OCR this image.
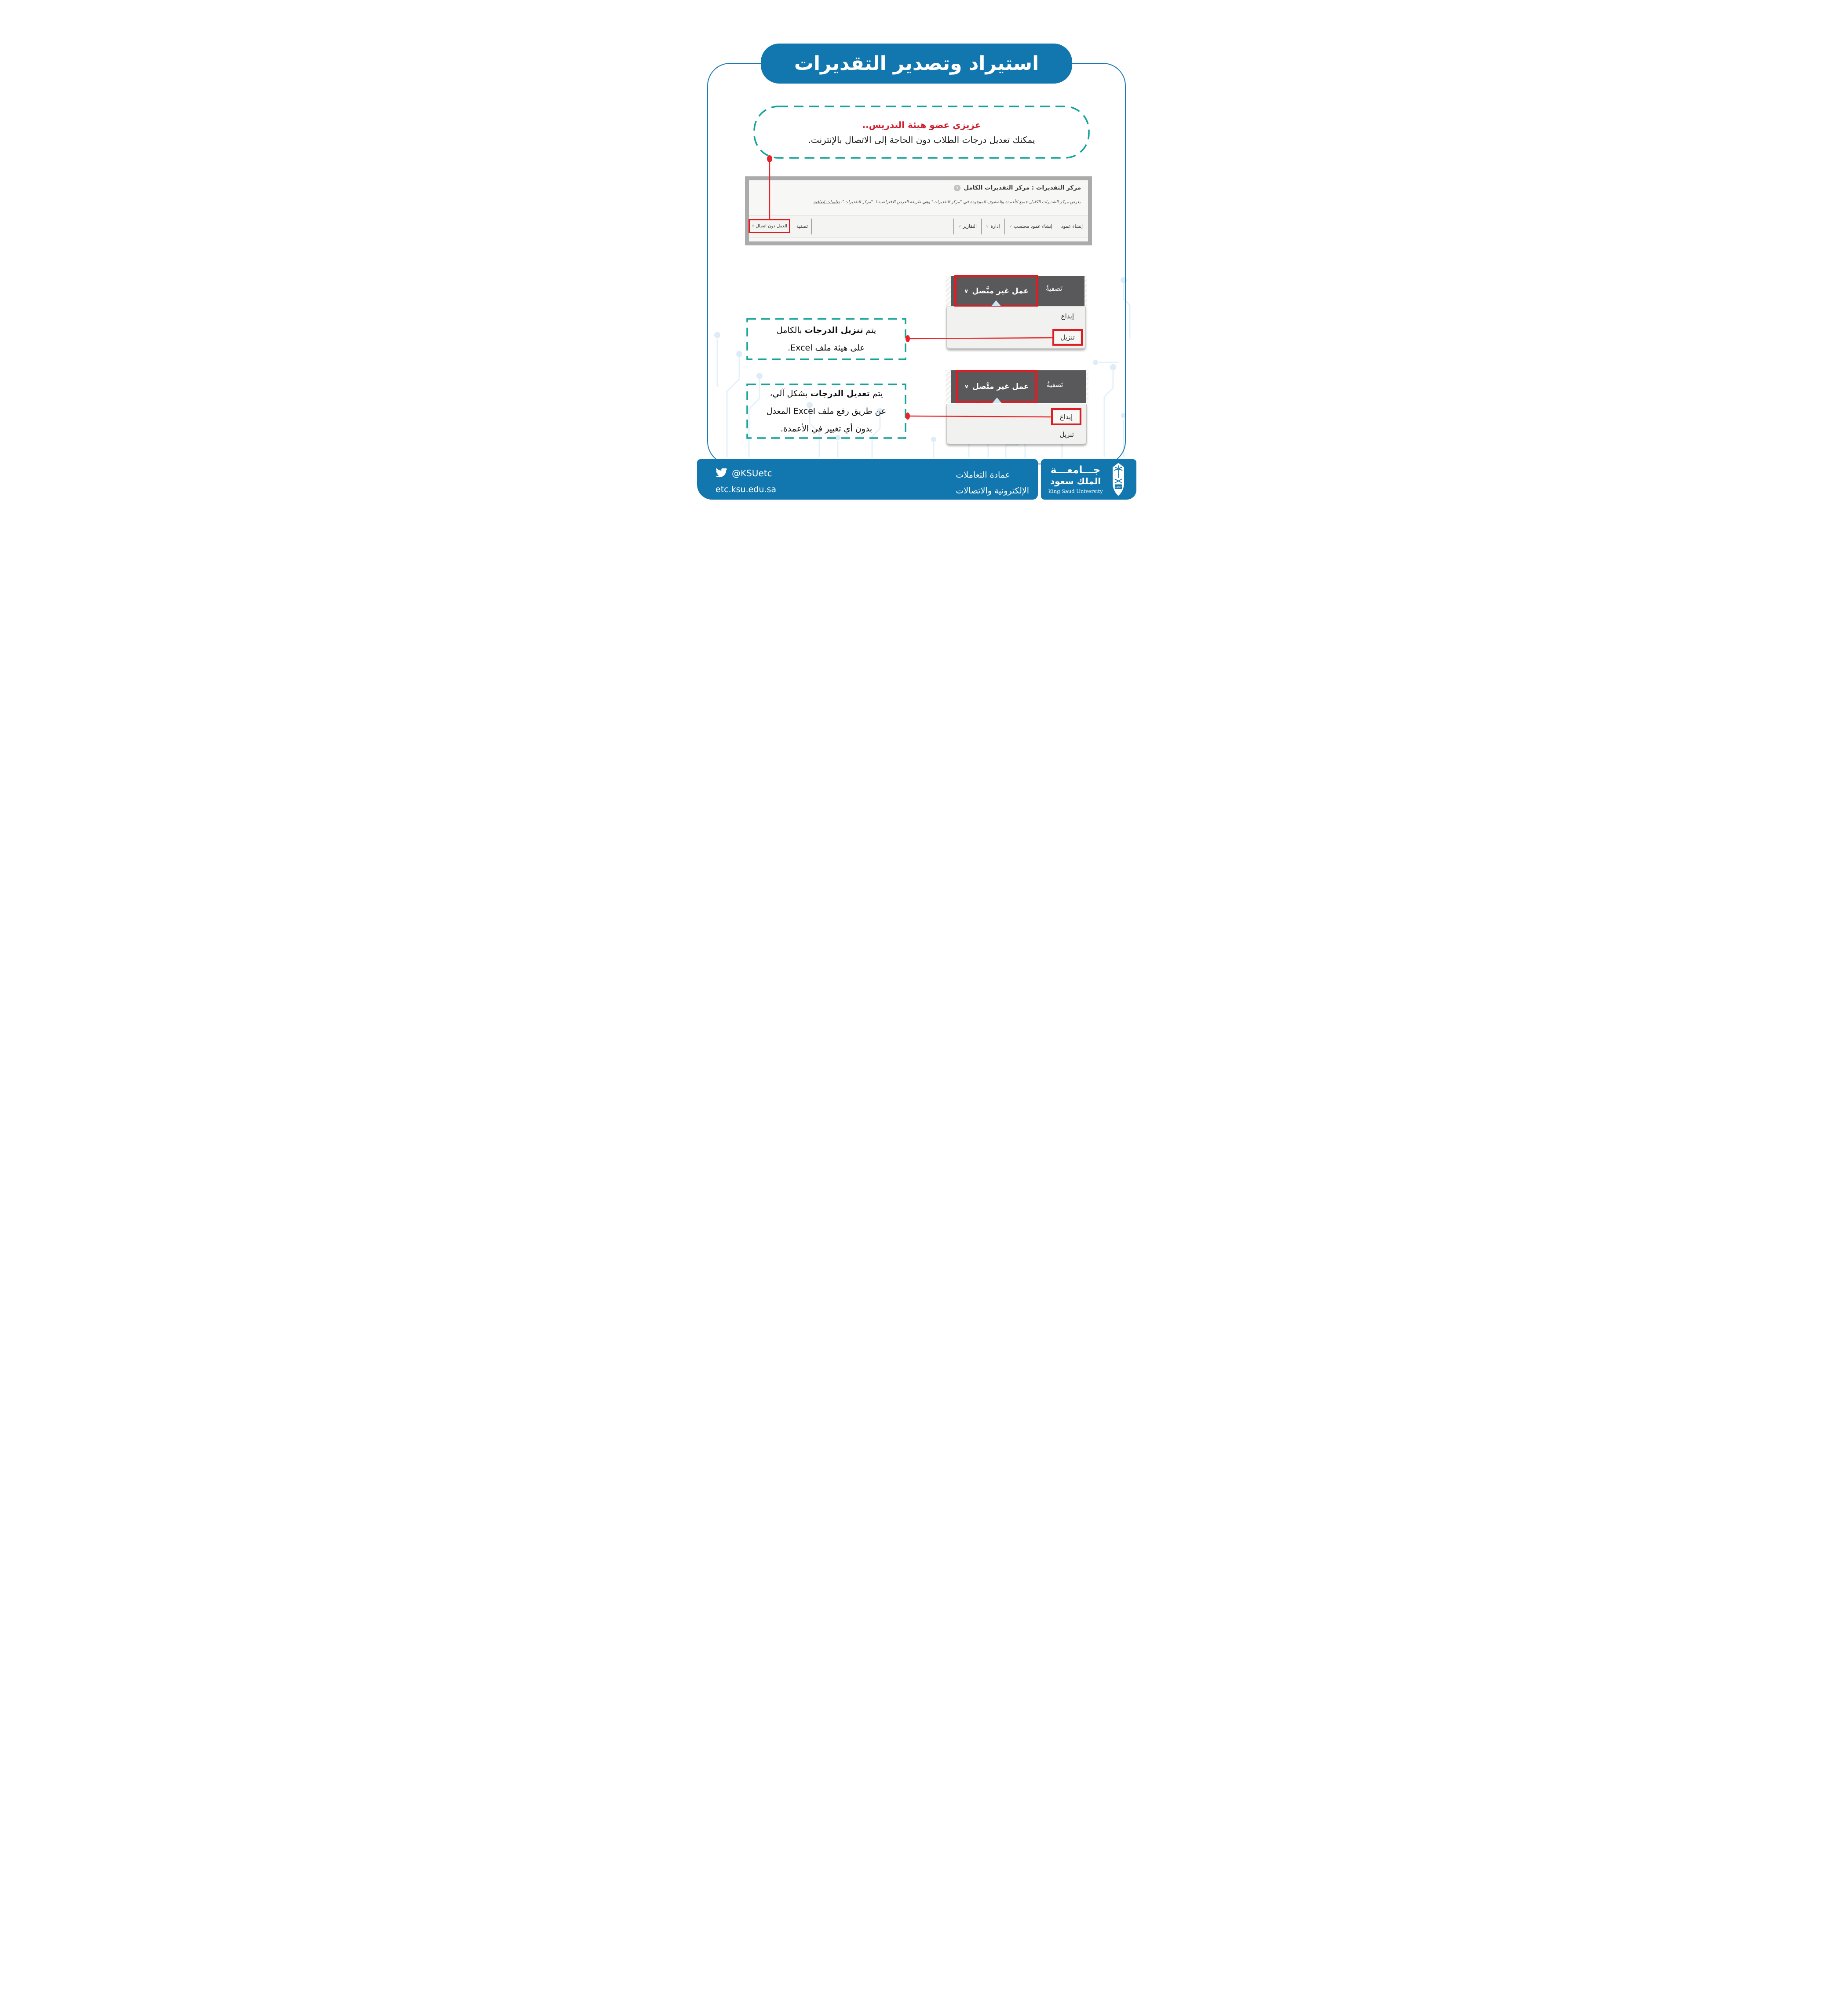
استيراد وتصدير التقديرات

عزيزي عضو هيئة التدريس..

يمكنك تعديل درجات الطلاب دون الحاجة إلى الاتصال بالإنترنت.

مركز التقديرات : مركز التقديرات الكامل
∨
يعرض مركز التقديرات الكامل جميع الأعمدة والصفوف الموجودة في "مركز التقديرات" وهي طريقة العرض الافتراضية لـ "مركز التقديرات". تعليمات إضافية
إنشاء عمود
إنشاء عمود محتسب
∨
إدارة
∨
التقارير
∨
تَصفية
العمل دون اتصال
∨
تَصفيةُ
عمل غير متَّصل
∨
إيداع
تنزيل
تَصفيةُ
عمل غير متَّصل
∨
إيداع
تنزيل
يتم تنزيل الدرجات بالكامل
على هيئة ملف Excel.
يتم تعديل الدرجات بشكل آلي،
عن طريق رفع ملف Excel المعدل
بدون أي تغيير في الأعمدة.
@KSUetc
etc.ksu.edu.sa
عمادة التعاملات
الإلكترونية والاتصالات
جـــامعـــة
الملك سعود
King Saud University
1957
